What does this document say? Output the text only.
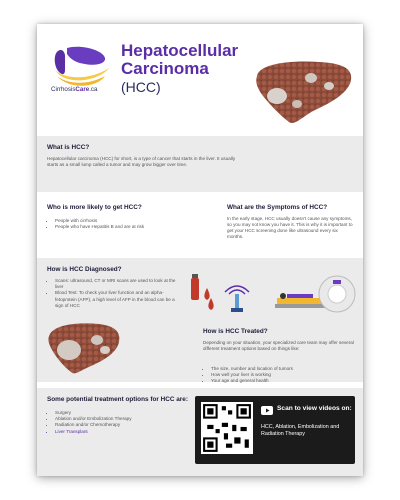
CirrhosisCare.ca
Hepatocellular Carcinoma
(HCC)
What is HCC?
Hepatocellular carcinoma (HCC) for short, is a type of cancer that starts in the liver. It usually starts as a small lump called a tumor and may grow bigger over time.
Who is more likely to get HCC?
• People with cirrhosis
• People who have Hepatitis B and are at risk
What are the Symptoms of HCC?
In the early stage, HCC usually doesn't cause any symptoms, so you may not know you have it. This is why it is important to get your HCC screening done like ultrasound every six months.
How is HCC Diagnosed?
• Scans: ultrasound, CT or MRI scans are used to look at the liver
• Blood Test: To check your liver function and an alpha-fetoprotein (AFP), a high level of AFP in the blood can be a sign of HCC
How is HCC Treated?
Depending on your situation, your specialized care team may offer several different treatment options based on things like:
• The size, number and location of tumors
• How well your liver is working
• Your age and general health
Some potential treatment options for HCC are:
• Surgery
• Ablation and/or Embolization Therapy
• Radiation and/or Chemotherapy
• Liver Transplant
Scan to view videos on:
HCC, Ablation, Embolization and Radiation Therapy
